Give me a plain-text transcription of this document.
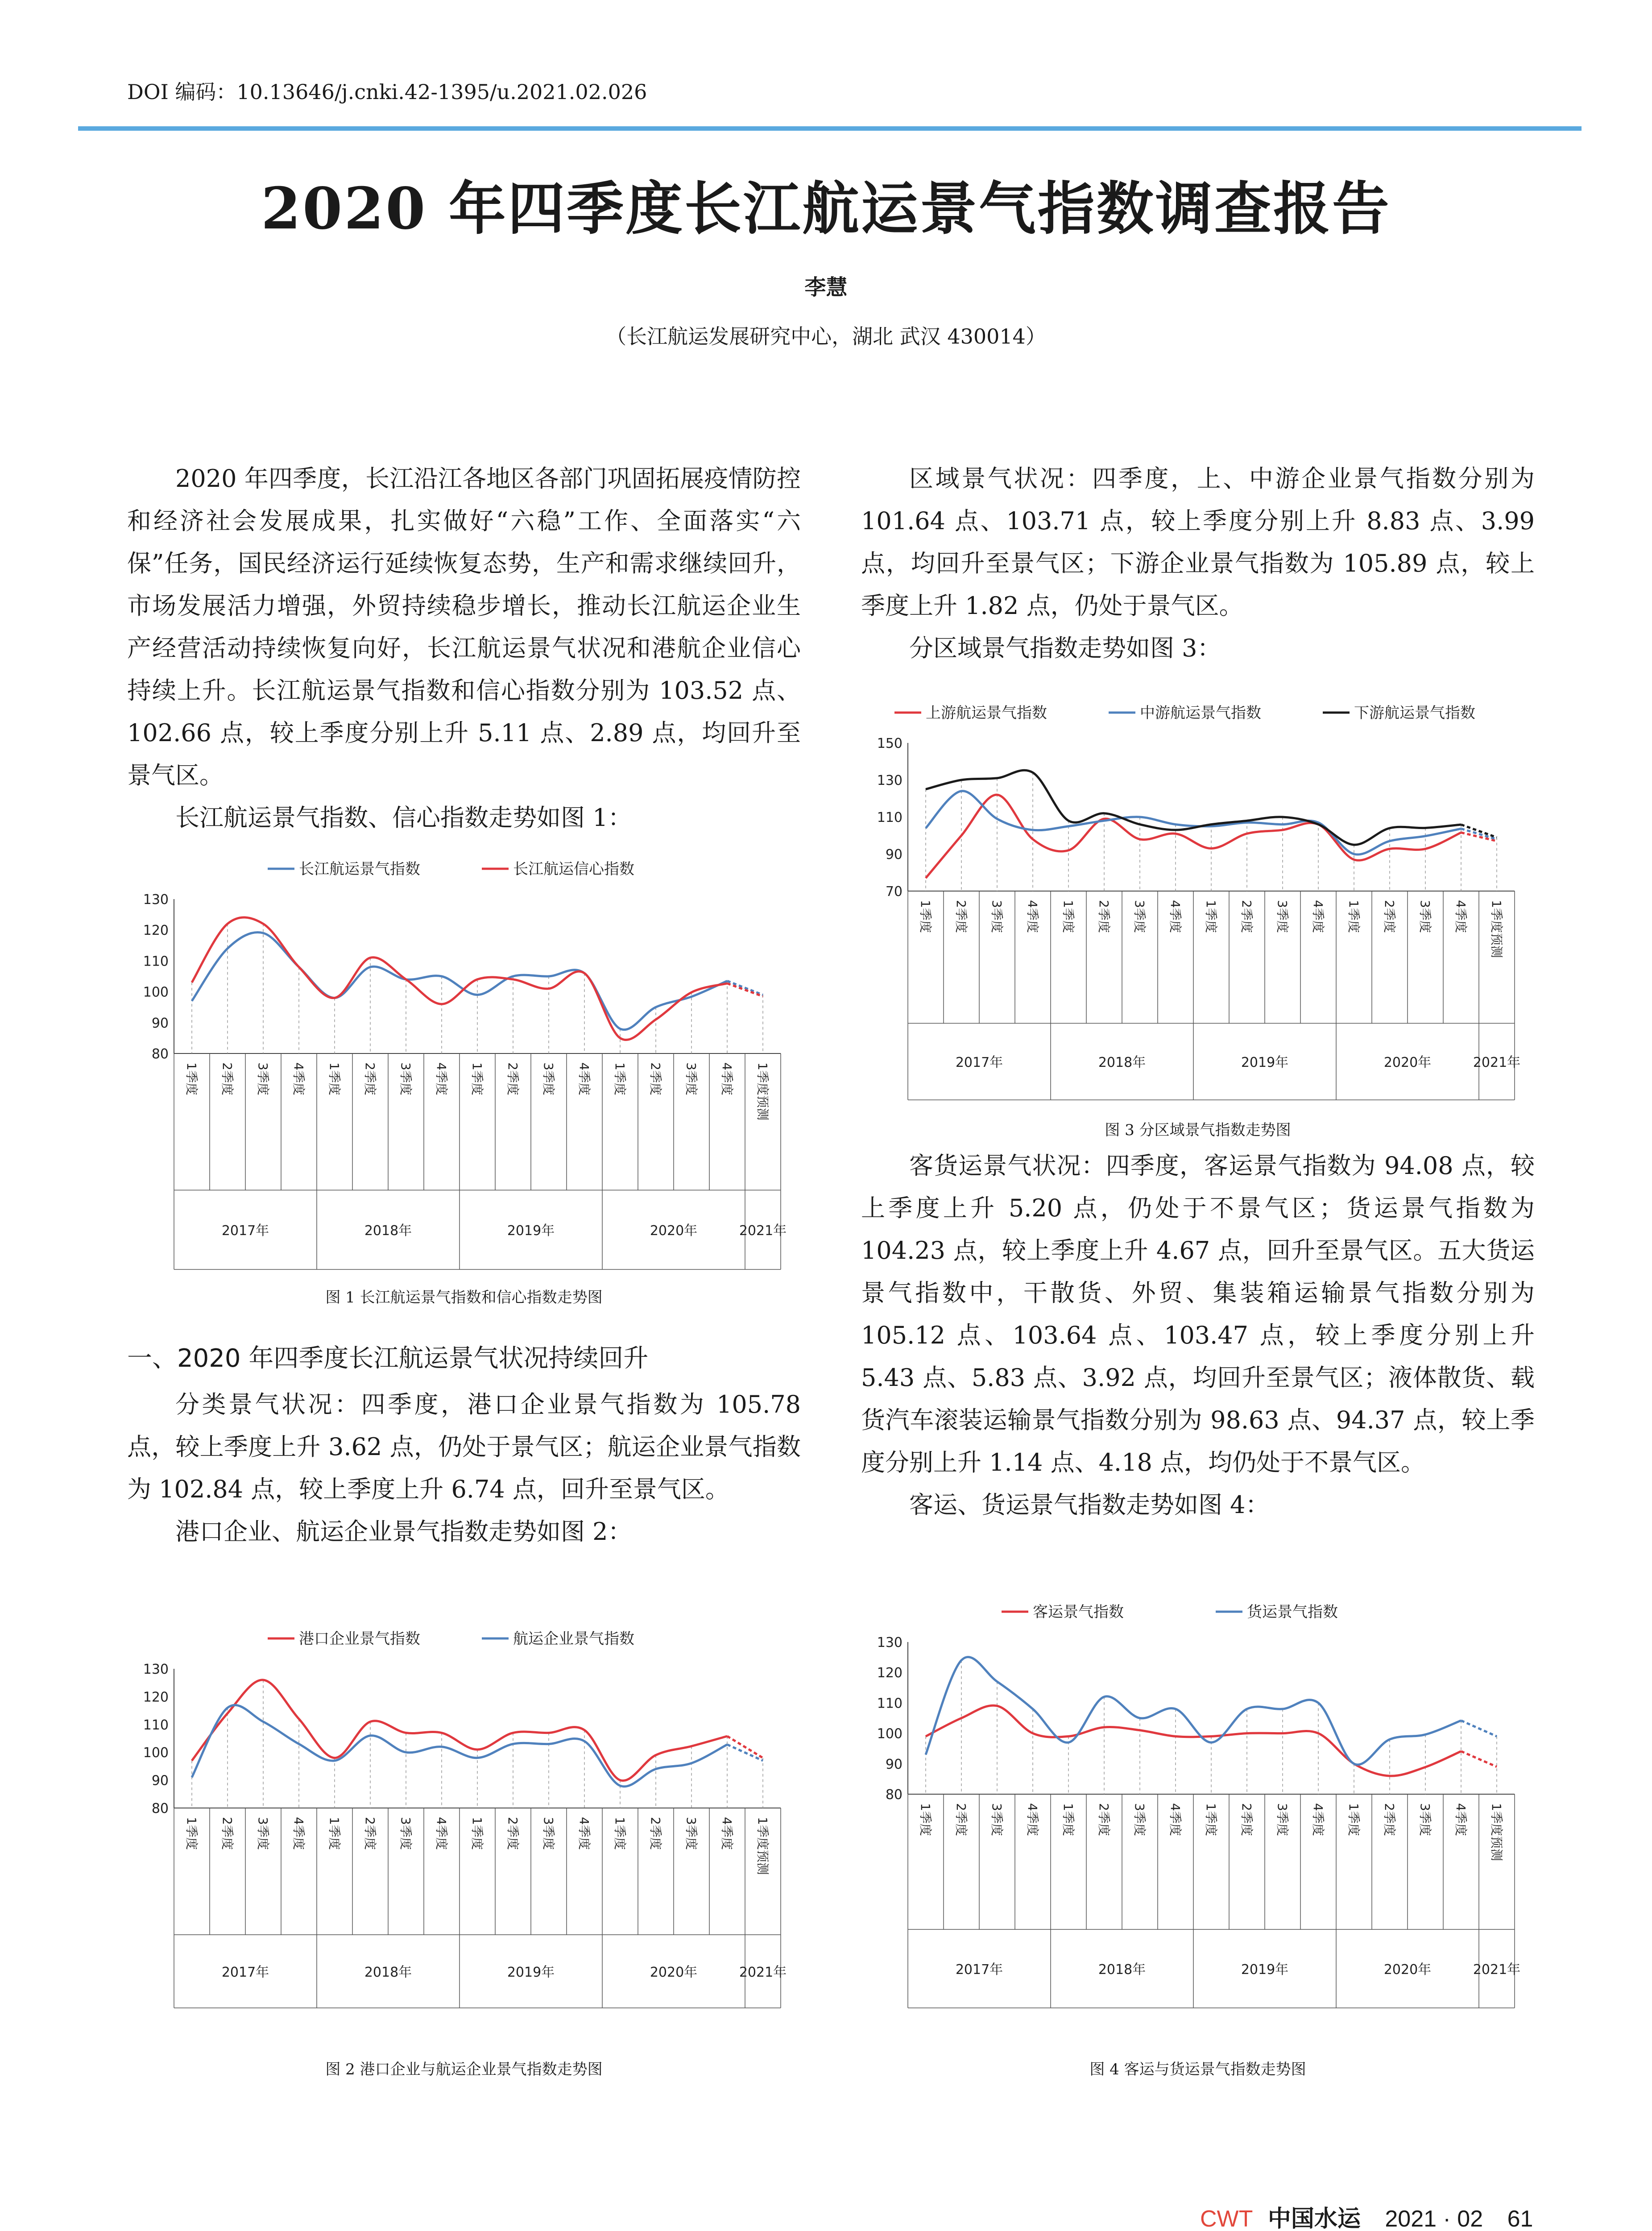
DOI 编码：10.13646/j.cnki.42-1395/u.2021.02.026
2020 年四季度长江航运景气指数调查报告
李慧
（长江航运发展研究中心，湖北 武汉 430014）

2020 年四季度，长江沿江各地区各部门巩固拓展疫情防控和经济社会发展成果，扎实做好“六稳”工作、全面落实“六保”任务，国民经济运行延续恢复态势，生产和需求继续回升，市场发展活力增强，外贸持续稳步增长，推动长江航运企业生产经营活动持续恢复向好，长江航运景气状况和港航企业信心持续上升。长江航运景气指数和信心指数分别为 103.52 点、102.66 点，较上季度分别上升 5.11 点、2.89 点，均回升至景气区。

长江航运景气指数、信心指数走势如图 1：

长江航运景气指数	长江航运信心指数
80
90
100
110
120
130
1季度 2季度 3季度 4季度 1季度 2季度 3季度 4季度 1季度 2季度 3季度 4季度 1季度 2季度 3季度 4季度 1季度预测
2017年	2018年	2019年	2020年	2021年
图 1 长江航运景气指数和信心指数走势图
一、2020 年四季度长江航运景气状况持续回升

分类景气状况：四季度，港口企业景气指数为 105.78 点，较上季度上升 3.62 点，仍处于景气区；航运企业景气指数为 102.84 点，较上季度上升 6.74 点，回升至景气区。

港口企业、航运企业景气指数走势如图 2：

港口企业景气指数	航运企业景气指数
80
90
100
110
120
130
1季度 2季度 3季度 4季度 1季度 2季度 3季度 4季度 1季度 2季度 3季度 4季度 1季度 2季度 3季度 4季度 1季度预测
2017年	2018年	2019年	2020年	2021年
图 2 港口企业与航运企业景气指数走势图

区域景气状况：四季度，上、中游企业景气指数分别为 101.64 点、103.71 点，较上季度分别上升 8.83 点、3.99 点，均回升至景气区；下游企业景气指数为 105.89 点，较上季度上升 1.82 点，仍处于景气区。

分区域景气指数走势如图 3：

上游航运景气指数	中游航运景气指数	下游航运景气指数
70
90
110
130
150
1季度 2季度 3季度 4季度 1季度 2季度 3季度 4季度 1季度 2季度 3季度 4季度 1季度 2季度 3季度 4季度 1季度预测
2017年	2018年	2019年	2020年	2021年
图 3 分区域景气指数走势图

客货运景气状况：四季度，客运景气指数为 94.08 点，较上季度上升 5.20 点，仍处于不景气区；货运景气指数为 104.23 点，较上季度上升 4.67 点，回升至景气区。五大货运景气指数中，干散货、外贸、集装箱运输景气指数分别为 105.12 点、103.64 点、103.47 点，较上季度分别上升 5.43 点、5.83 点、3.92 点，均回升至景气区；液体散货、载货汽车滚装运输景气指数分别为 98.63 点、94.37 点，较上季度分别上升 1.14 点、4.18 点，均仍处于不景气区。

客运、货运景气指数走势如图 4：

客运景气指数	货运景气指数
80
90
100
110
120
130
1季度 2季度 3季度 4季度 1季度 2季度 3季度 4季度 1季度 2季度 3季度 4季度 1季度 2季度 3季度 4季度 1季度预测
2017年	2018年	2019年	2020年	2021年
图 4 客运与货运景气指数走势图
CWT 中国水运 2021 · 02 61
